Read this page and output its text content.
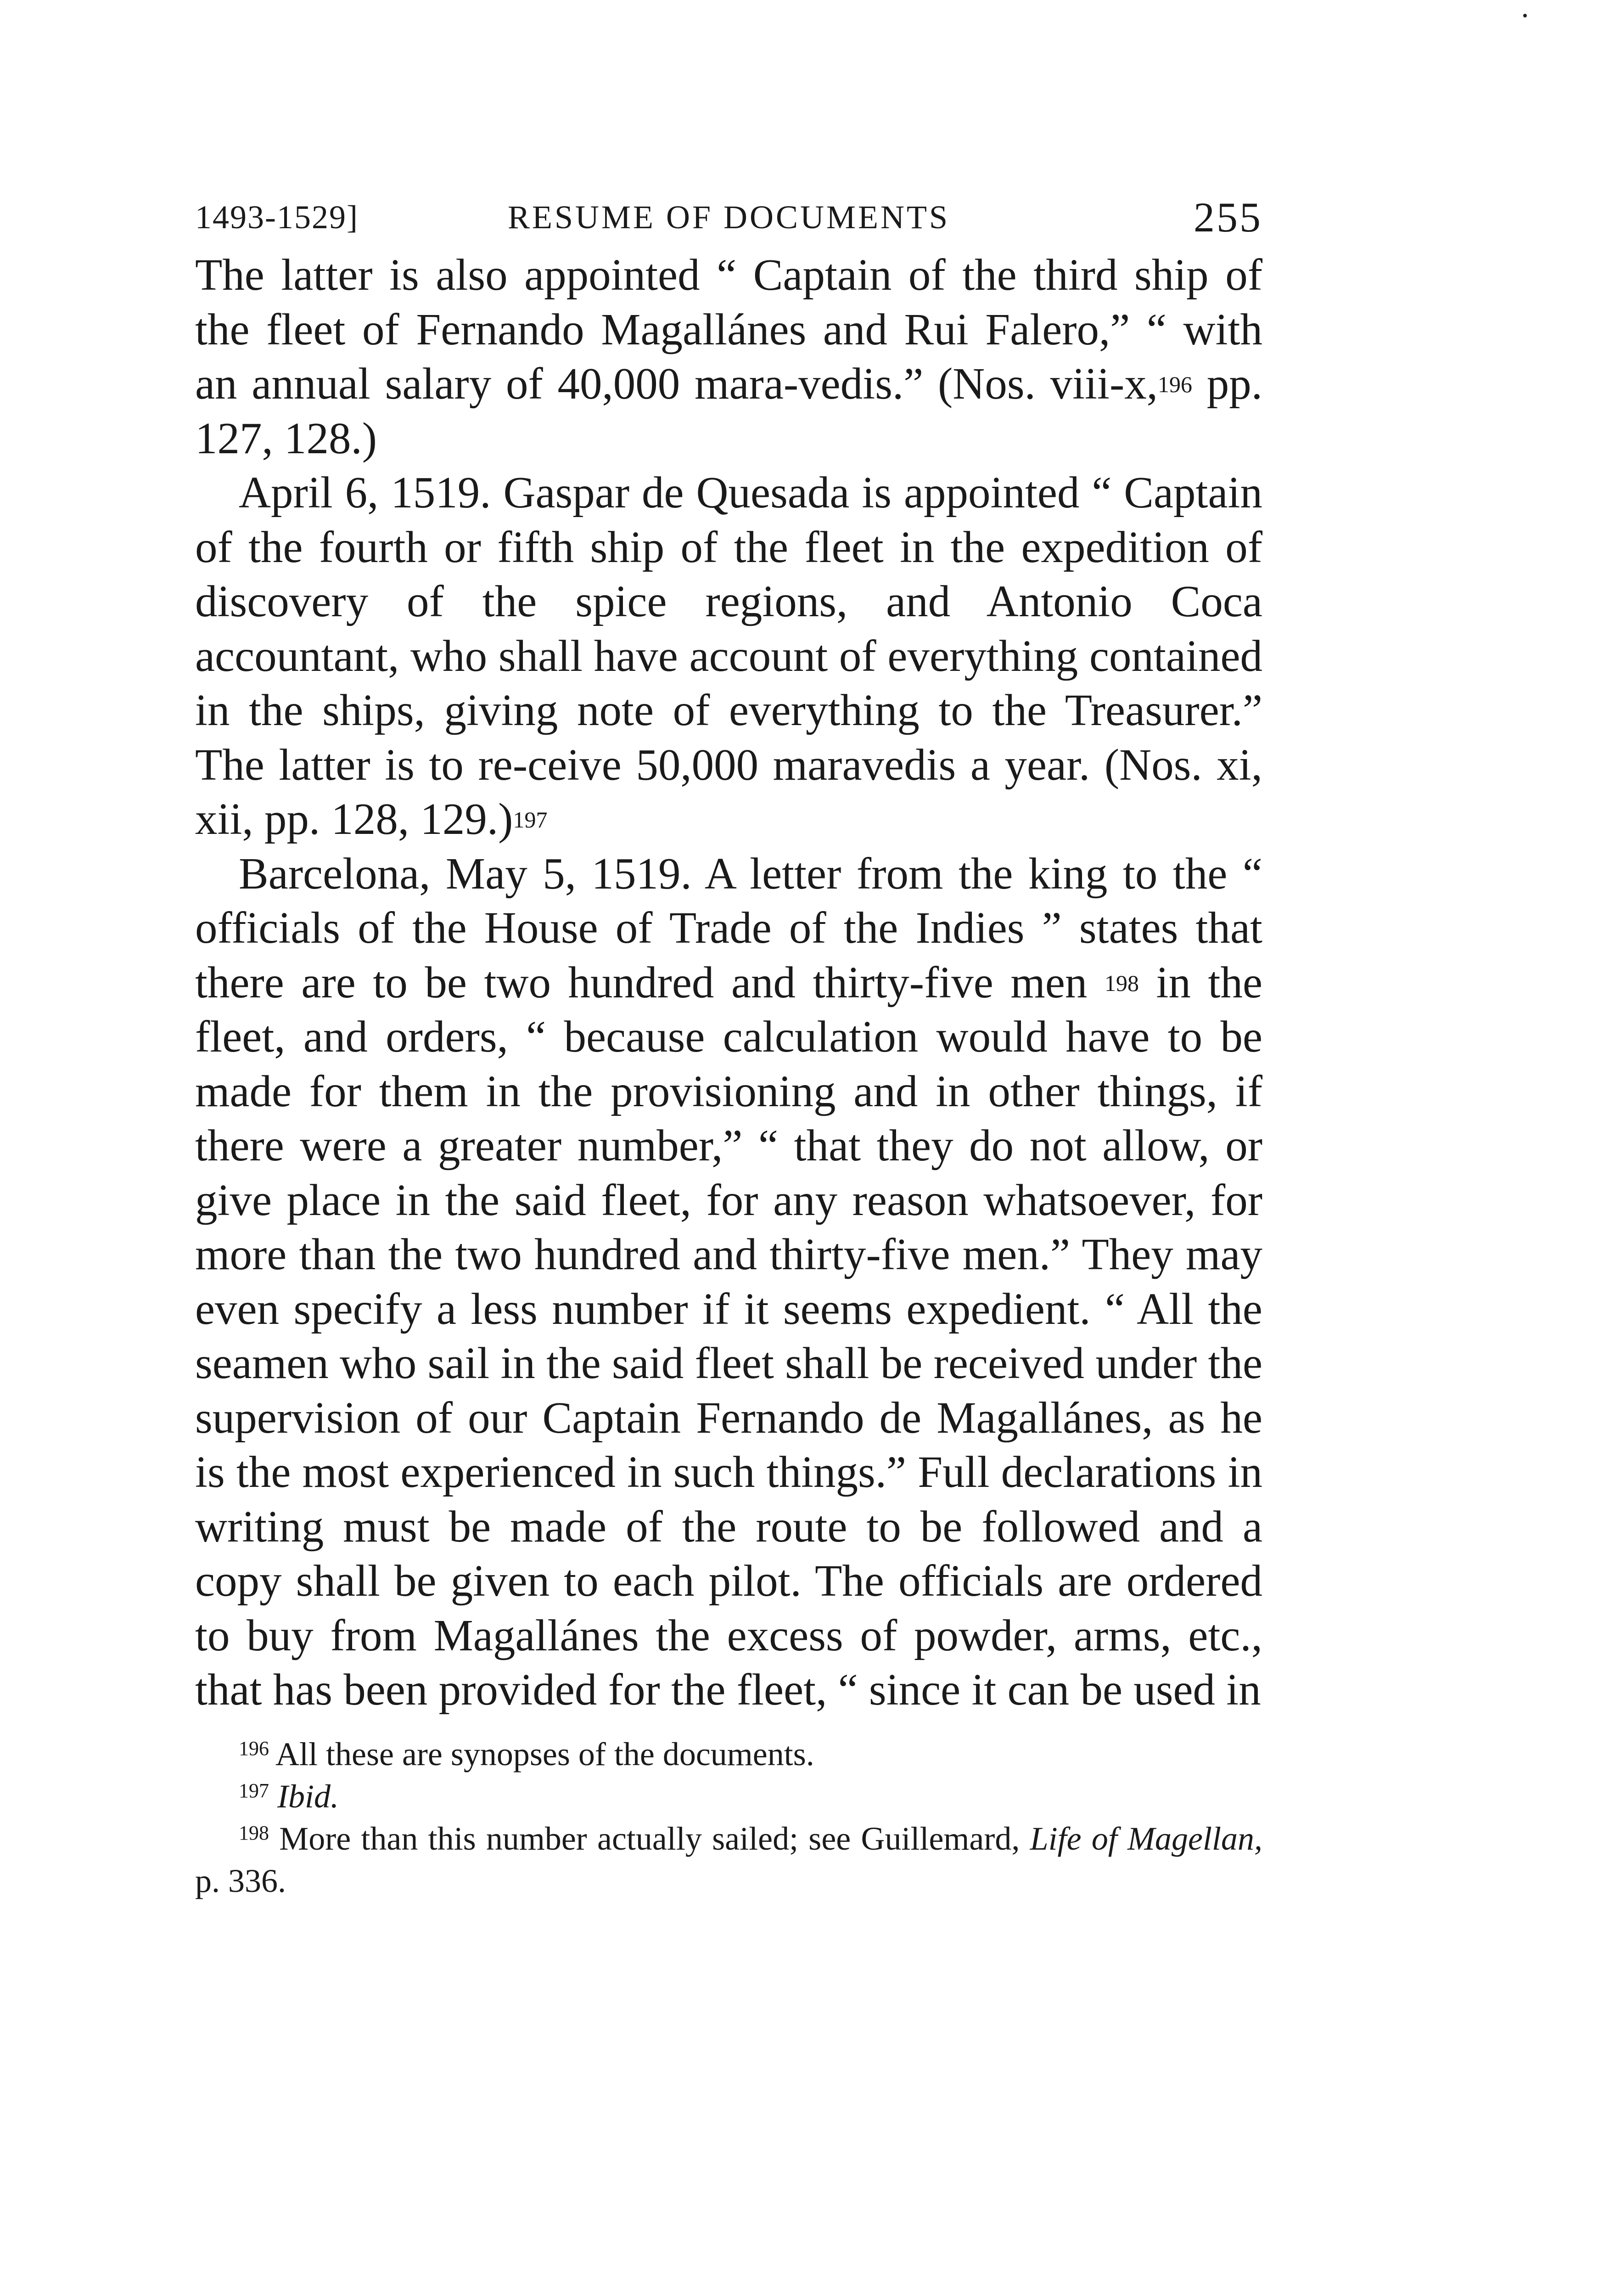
1493-1529]	RESUME OF DOCUMENTS	255

The latter is also appointed “ Captain of the third ship of the fleet of Fernando Magallánes and Rui Falero,” “ with an annual salary of 40,000 mara-vedis.” (Nos. viii-x,$^{196}$ pp. 127, 128.)

April 6, 1519. Gaspar de Quesada is appointed “ Captain of the fourth or fifth ship of the fleet in the expedition of discovery of the spice regions, and Antonio Coca accountant, who shall have account of everything contained in the ships, giving note of everything to the Treasurer.” The latter is to re-ceive 50,000 maravedis a year. (Nos. xi, xii, pp. 128, 129.)$^{197}$

Barcelona, May 5, 1519. A letter from the king to the “ officials of the House of Trade of the Indies ” states that there are to be two hundred and thirty-five men $^{198}$ in the fleet, and orders, “ because calculation would have to be made for them in the provisioning and in other things, if there were a greater number,” “ that they do not allow, or give place in the said fleet, for any reason whatsoever, for more than the two hundred and thirty-five men.” They may even specify a less number if it seems expedient. “ All the seamen who sail in the said fleet shall be received under the supervision of our Captain Fernando de Magallánes, as he is the most experienced in such things.” Full declarations in writing must be made of the route to be followed and a copy shall be given to each pilot. The officials are ordered to buy from Magallánes the excess of powder, arms, etc., that has been provided for the fleet, “ since it can be used in

$^{196}$ All these are synopses of the documents.

$^{197}$ Ibid.

$^{198}$ More than this number actually sailed; see Guillemard, Life of Magellan, p. 336.
